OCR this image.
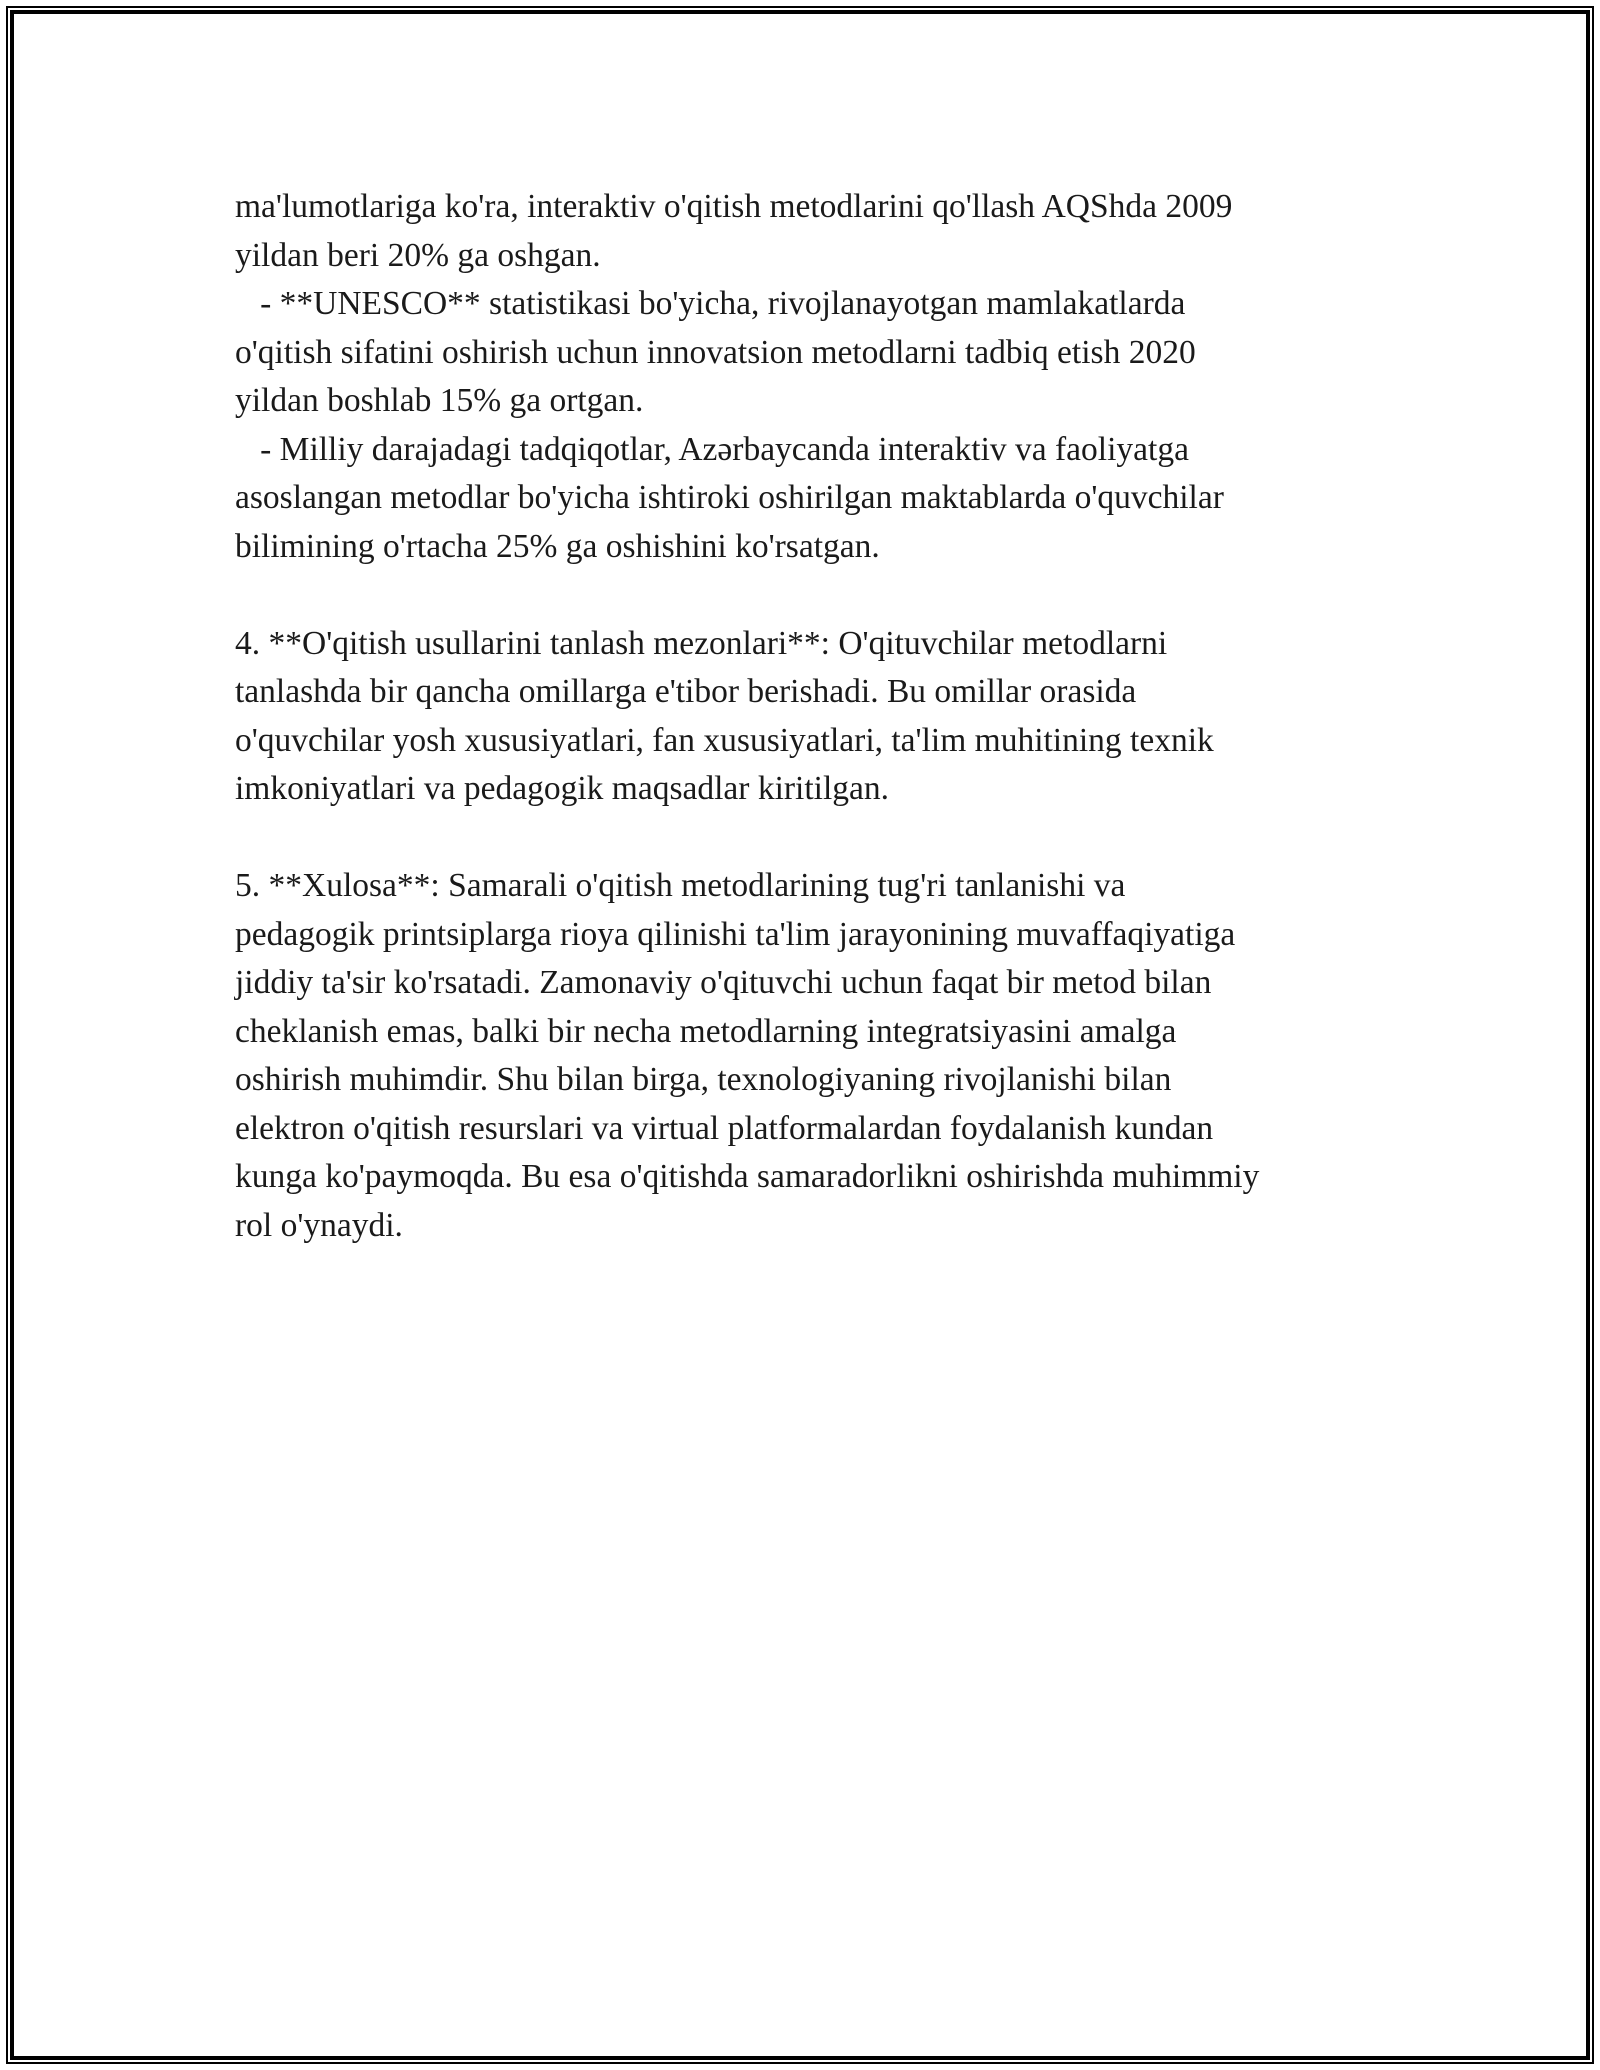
ma'lumotlariga ko'ra, interaktiv o'qitish metodlarini qo'llash AQShda 2009

yildan beri 20% ga oshgan.

- **UNESCO** statistikasi bo'yicha, rivojlanayotgan mamlakatlarda

o'qitish sifatini oshirish uchun innovatsion metodlarni tadbiq etish 2020

yildan boshlab 15% ga ortgan.

- Milliy darajadagi tadqiqotlar, Azərbaycanda interaktiv va faoliyatga

asoslangan metodlar bo'yicha ishtiroki oshirilgan maktablarda o'quvchilar

bilimining o'rtacha 25% ga oshishini ko'rsatgan.

4. **O'qitish usullarini tanlash mezonlari**: O'qituvchilar metodlarni

tanlashda bir qancha omillarga e'tibor berishadi. Bu omillar orasida

o'quvchilar yosh xususiyatlari, fan xususiyatlari, ta'lim muhitining texnik

imkoniyatlari va pedagogik maqsadlar kiritilgan.

5. **Xulosa**: Samarali o'qitish metodlarining tug'ri tanlanishi va

pedagogik printsiplarga rioya qilinishi ta'lim jarayonining muvaffaqiyatiga

jiddiy ta'sir ko'rsatadi. Zamonaviy o'qituvchi uchun faqat bir metod bilan

cheklanish emas, balki bir necha metodlarning integratsiyasini amalga

oshirish muhimdir. Shu bilan birga, texnologiyaning rivojlanishi bilan

elektron o'qitish resurslari va virtual platformalardan foydalanish kundan

kunga ko'paymoqda. Bu esa o'qitishda samaradorlikni oshirishda muhimmiy

rol o'ynaydi.
